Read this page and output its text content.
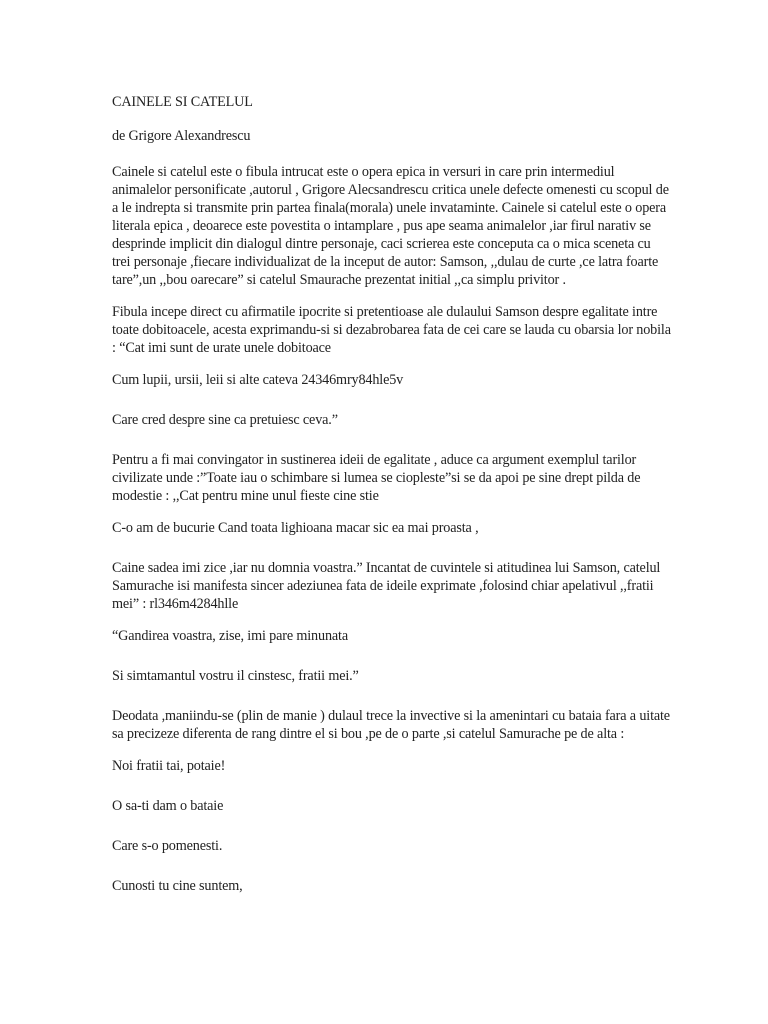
CAINELE SI CATELUL

de Grigore Alexandrescu

Cainele si catelul este o fibula intrucat este o opera epica in versuri in care prin intermediul animalelor personificate ,autorul , Grigore Alecsandrescu critica unele defecte omenesti cu scopul de a le indrepta si transmite prin partea finala(morala) unele invataminte. Cainele si catelul este o opera literala epica , deoarece este povestita o intamplare , pus ape seama animalelor ,iar firul narativ se desprinde implicit din dialogul dintre personaje, caci scrierea este conceputa ca o mica sceneta cu trei personaje ,fiecare individualizat de la inceput de autor: Samson, ,,dulau de curte ,ce latra foarte tare”,un ,,bou oarecare” si catelul Smaurache prezentat initial ,,ca simplu privitor .

Fibula incepe direct cu afirmatile ipocrite si pretentioase ale dulaului Samson despre egalitate intre toate dobitoacele, acesta exprimandu-si si dezabrobarea fata de cei care se lauda cu obarsia lor nobila : “Cat imi sunt de urate unele dobitoace

Cum lupii, ursii, leii si alte cateva 24346mry84hle5v

Care cred despre sine ca pretuiesc ceva.”

Pentru a fi mai convingator in sustinerea ideii de egalitate , aduce ca argument exemplul tarilor civilizate unde :”Toate iau o schimbare si lumea se ciopleste”si se da apoi pe sine drept pilda de modestie : ,,Cat pentru mine unul fieste cine stie

C-o am de bucurie Cand toata lighioana macar sic ea mai proasta ,

Caine sadea imi zice ,iar nu domnia voastra.” Incantat de cuvintele si atitudinea lui Samson, catelul Samurache isi manifesta sincer adeziunea fata de ideile exprimate ,folosind chiar apelativul ,,fratii mei” : rl346m4284hlle

“Gandirea voastra, zise, imi pare minunata

Si simtamantul vostru il cinstesc, fratii mei.”

Deodata ,maniindu-se (plin de manie ) dulaul trece la invective si la amenintari cu bataia fara a uitate sa precizeze diferenta de rang dintre el si bou ,pe de o parte ,si catelul Samurache pe de alta :

Noi fratii tai, potaie!

O sa-ti dam o bataie

Care s-o pomenesti.

Cunosti tu cine suntem,
